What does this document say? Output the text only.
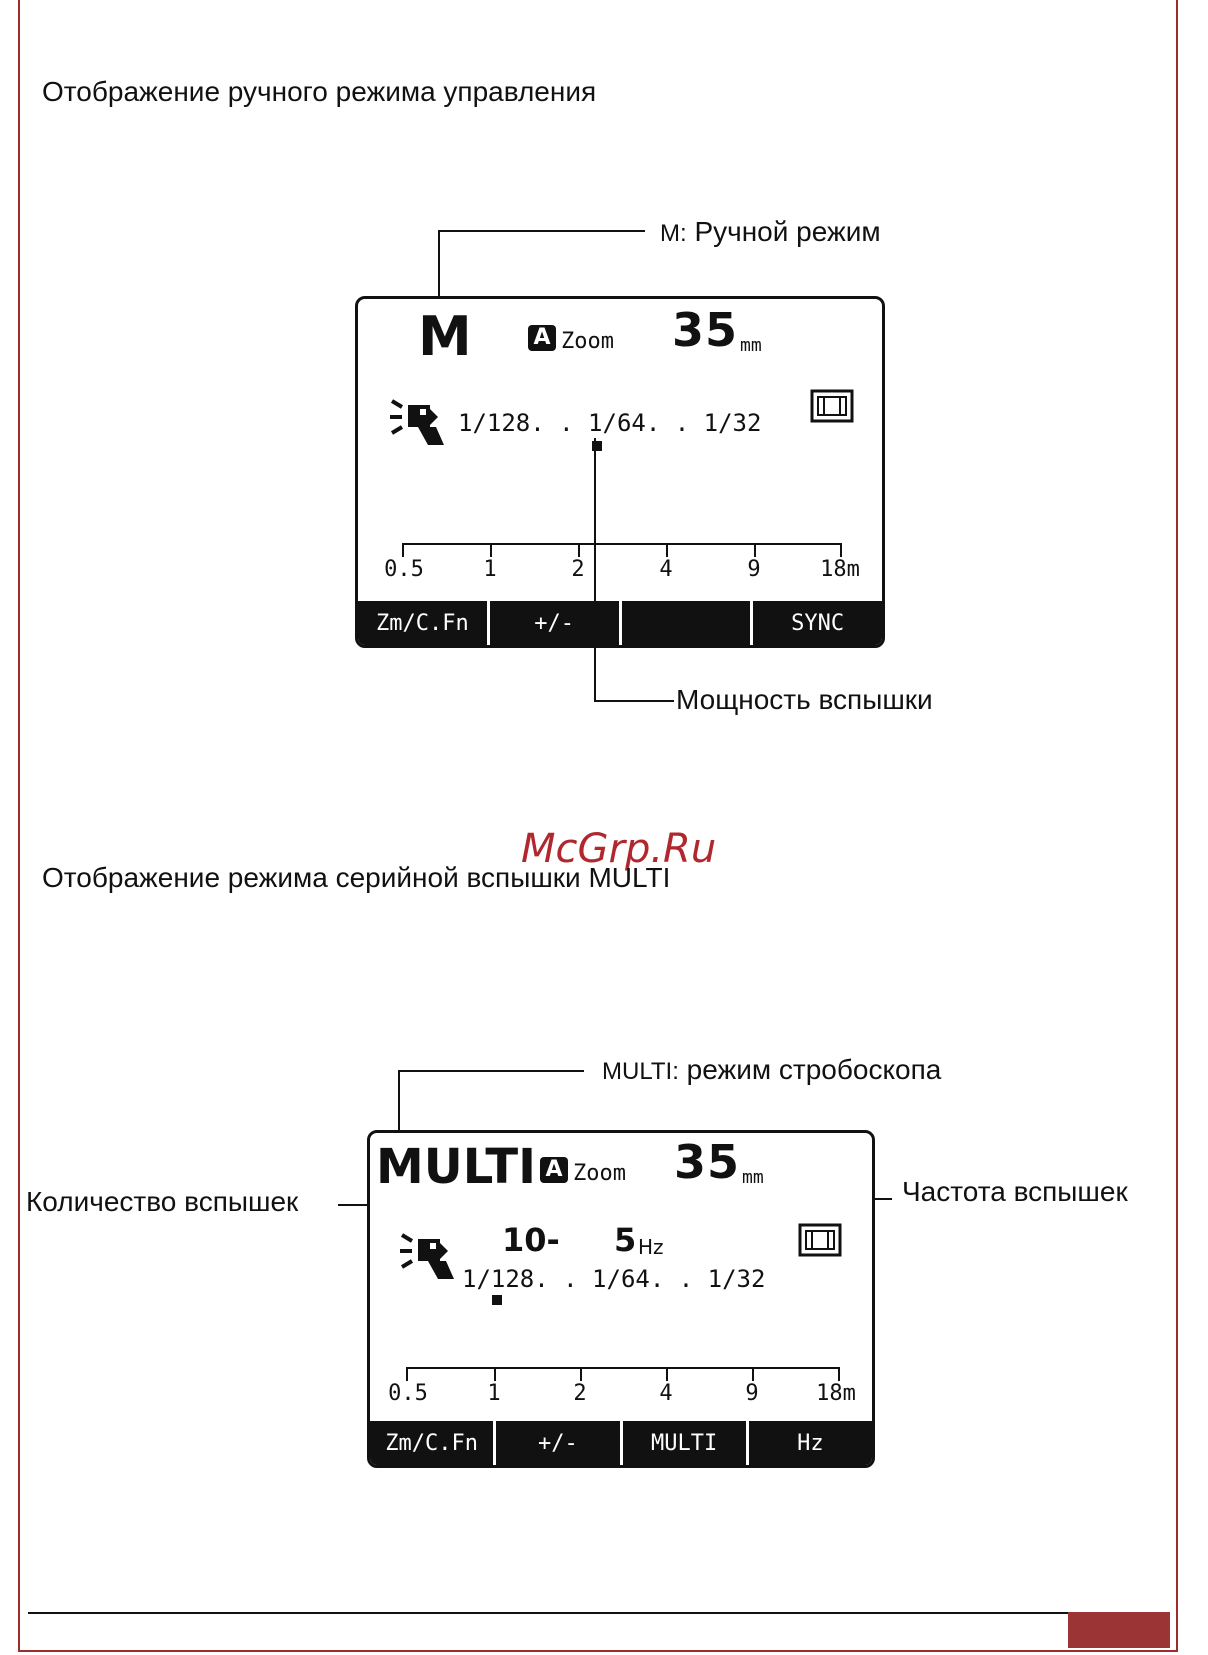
Отображение ручного режима управления
M: Ручной режим
M	A Zoom 35 mm
1/128. . 1/64. . 1/32
0.5	1	2	4	9	18m
Zm/C.Fn	+/-	SYNC
Мощность вспышки
McGrp.Ru
Отображение режима серийной вспышки MULTI
MULTI: режим стробоскопа
Количество вспышек	Частота вспышек
MULTI A Zoom 35 mm
10- 5 Hz
1/128. . 1/64. . 1/32
0.5	1	2	4	9	18m
Zm/C.Fn	+/-	MULTI	Hz
